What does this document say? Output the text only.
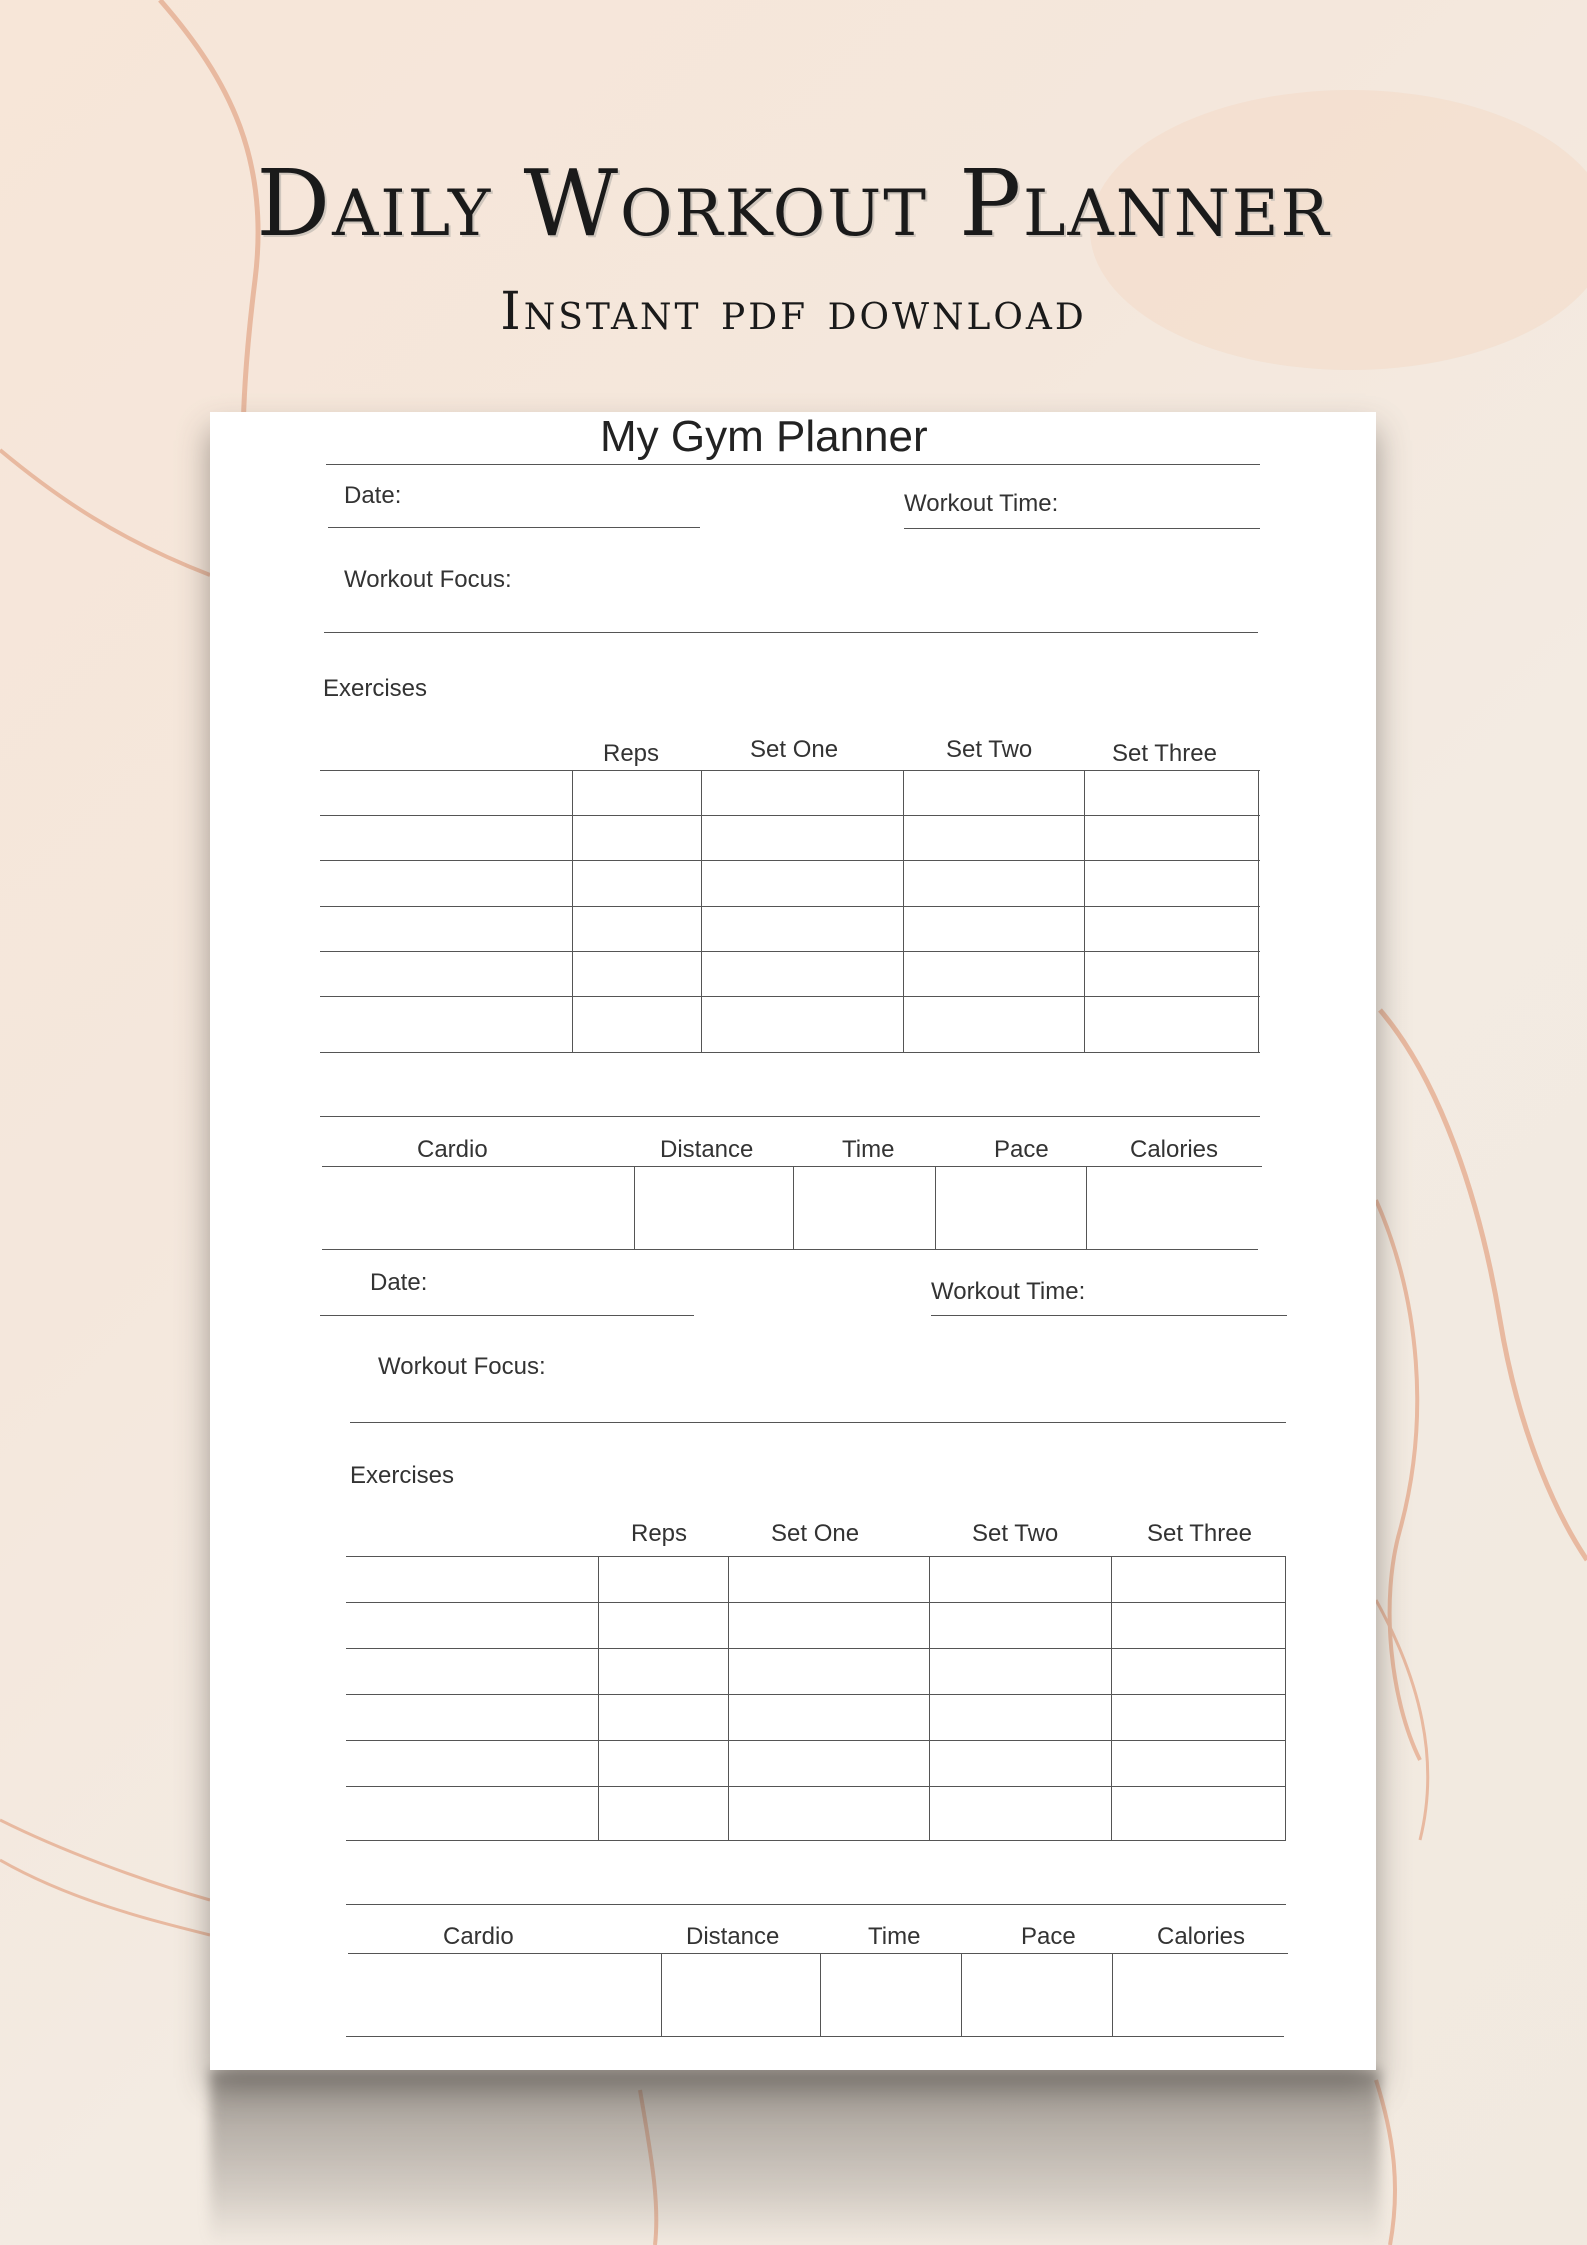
Daily Workout Planner
Instant pdf download
My Gym Planner
Date:	Workout Time:
Workout Focus:
Exercises
Reps	Set One	Set Two	Set Three
Cardio	Distance	Time	Pace	Calories
Date:	Workout Time:
Workout Focus:
Exercises
Reps	Set One	Set Two	Set Three
Cardio	Distance	Time	Pace	Calories
